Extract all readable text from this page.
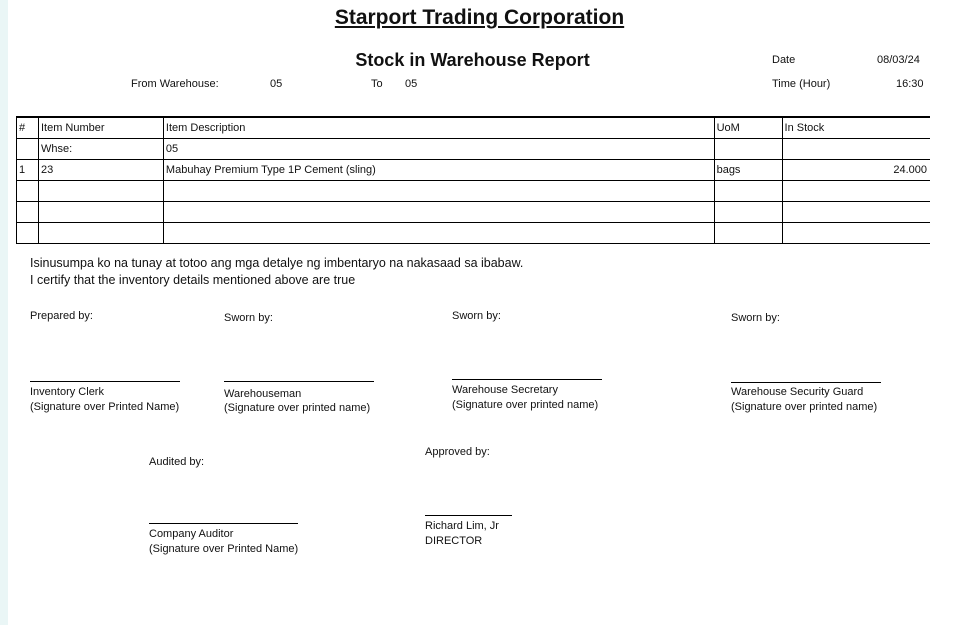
Starport Trading Corporation
Stock in Warehouse Report
From Warehouse:	05	To 05
Date	08/03/24
Time (Hour)	16:30
#	Item Number	Item Description	UoM	In Stock
	Whse:	05		
1	23	Mabuhay Premium Type 1P Cement (sling)	bags	24.000

Isinusumpa ko na tunay at totoo ang mga detalye ng imbentaryo na nakasaad sa ibabaw.
I certify that the inventory details mentioned above are true
Prepared by:
Inventory Clerk
(Signature over Printed Name)
Sworn by:
Warehouseman
(Signature over printed name)
Sworn by:
Warehouse Secretary
(Signature over printed name)
Sworn by:
Warehouse Security Guard
(Signature over printed name)
Audited by:
Company Auditor
(Signature over Printed Name)
Approved by:
Richard Lim, Jr
DIRECTOR
